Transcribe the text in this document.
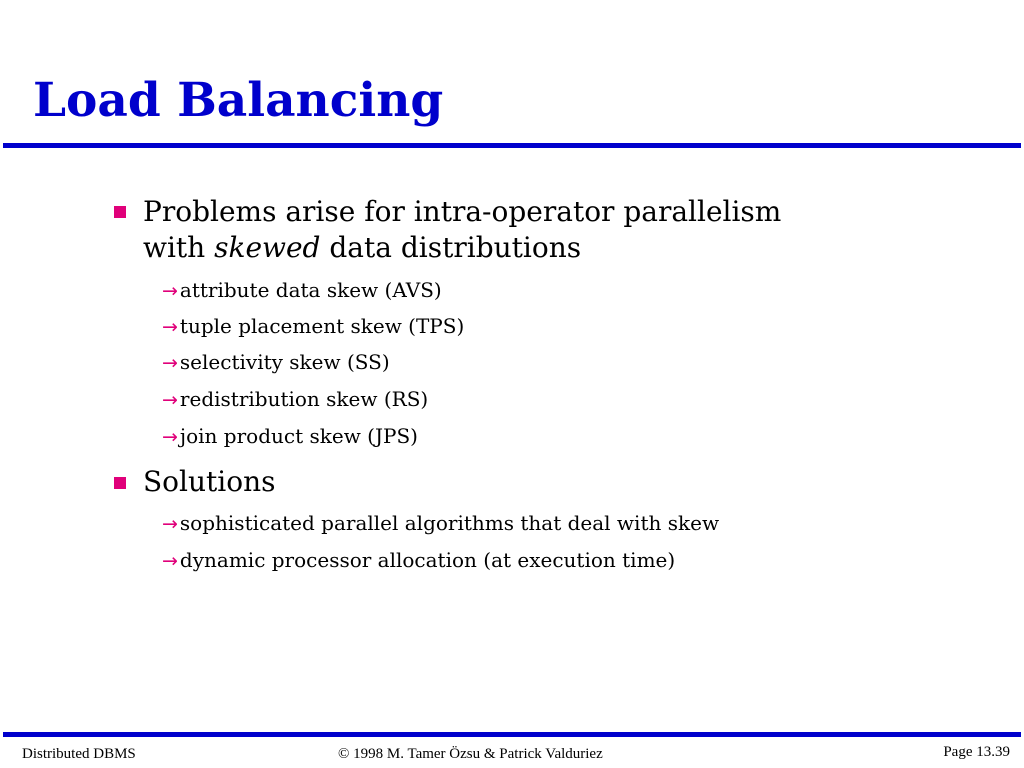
Load Balancing
Problems arise for intra-operator parallelism
with skewed data distributions
→ attribute data skew (AVS)
→ tuple placement skew (TPS)
→ selectivity skew (SS)
→ redistribution skew (RS)
→ join product skew (JPS)
Solutions
→ sophisticated parallel algorithms that deal with skew
→ dynamic processor allocation (at execution time)
Distributed DBMS	© 1998 M. Tamer Özsu & Patrick Valduriez	Page 13.39
